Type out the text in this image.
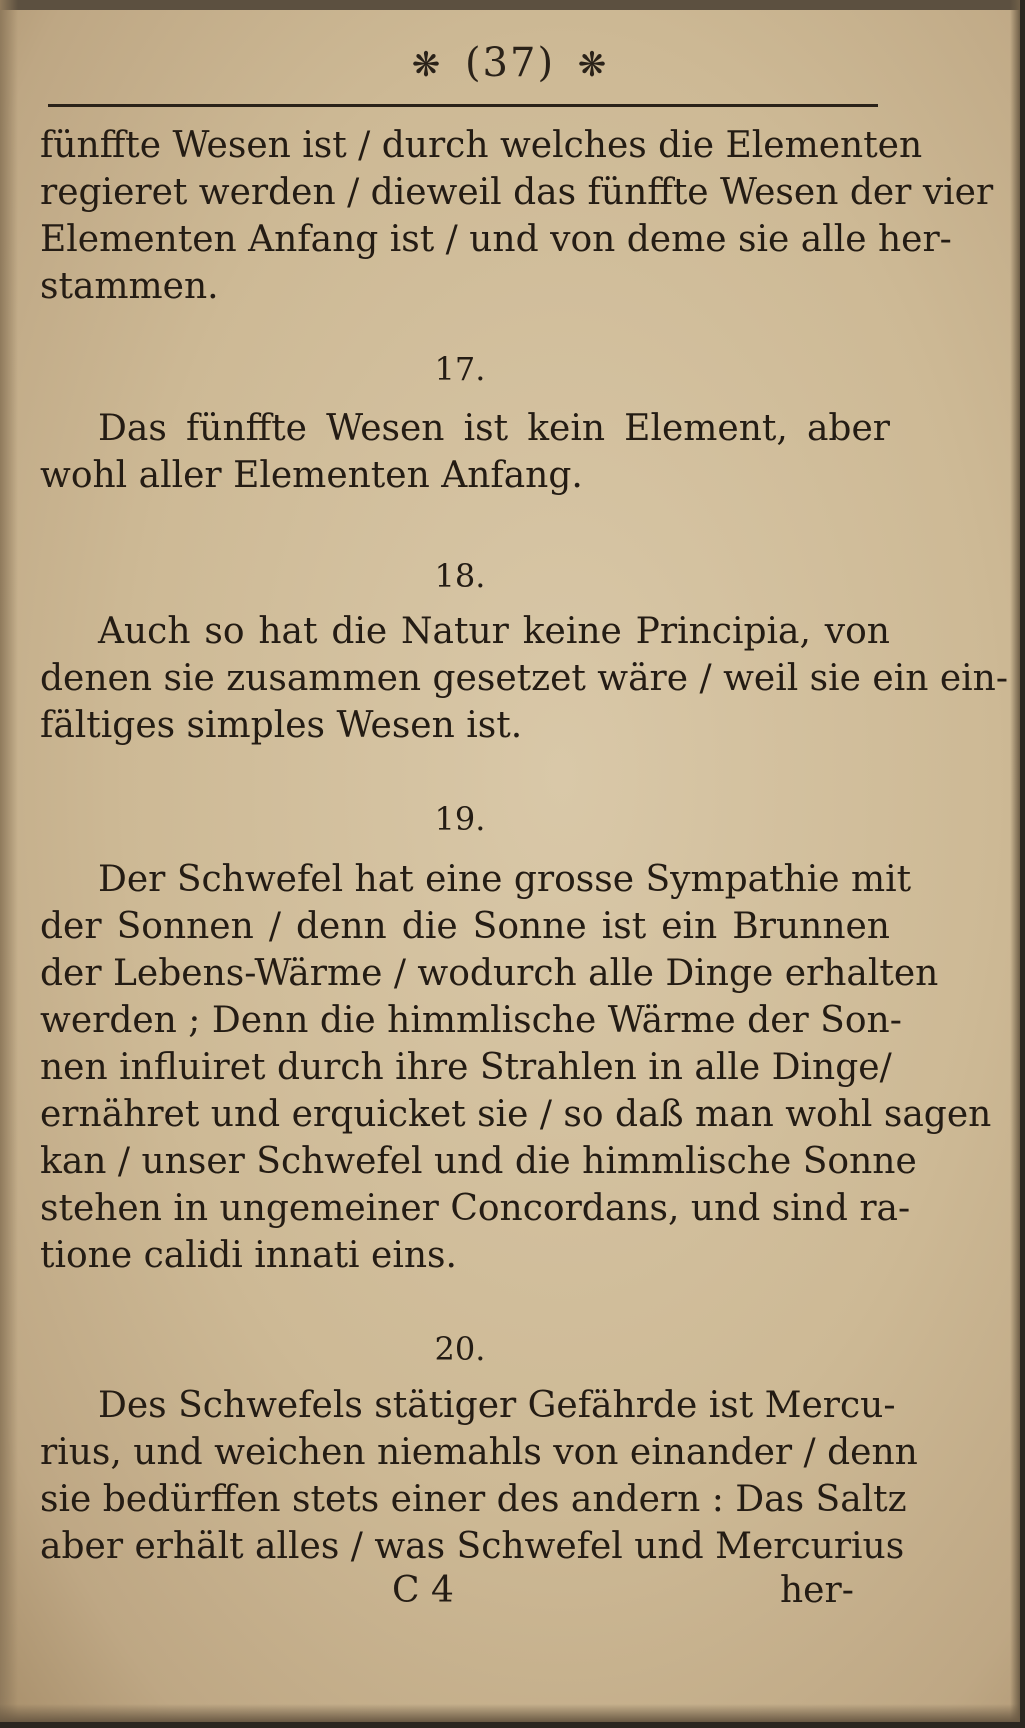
❋ (37) ❋
fünffte Wesen ist / durch welches die Elementen
regieret werden / dieweil das fünffte Wesen der vier
Elementen Anfang ist / und von deme sie alle her-
stammen.
17.
Das fünffte Wesen ist kein Element, aber
wohl aller Elementen Anfang.
18.
Auch so hat die Natur keine Principia, von
denen sie zusammen gesetzet wäre / weil sie ein ein-
fältiges simples Wesen ist.
19.
Der Schwefel hat eine grosse Sympathie mit
der Sonnen / denn die Sonne ist ein Brunnen
der Lebens-Wärme / wodurch alle Dinge erhalten
werden ; Denn die himmlische Wärme der Son-
nen influiret durch ihre Strahlen in alle Dinge/
ernähret und erquicket sie / so daß man wohl sagen
kan / unser Schwefel und die himmlische Sonne
stehen in ungemeiner Concordans, und sind ra-
tione calidi innati eins.
20.
Des Schwefels stätiger Gefährde ist Mercu-
rius, und weichen niemahls von einander / denn
sie bedürffen stets einer des andern : Das Saltz
aber erhält alles / was Schwefel und Mercurius
C 4	her-
